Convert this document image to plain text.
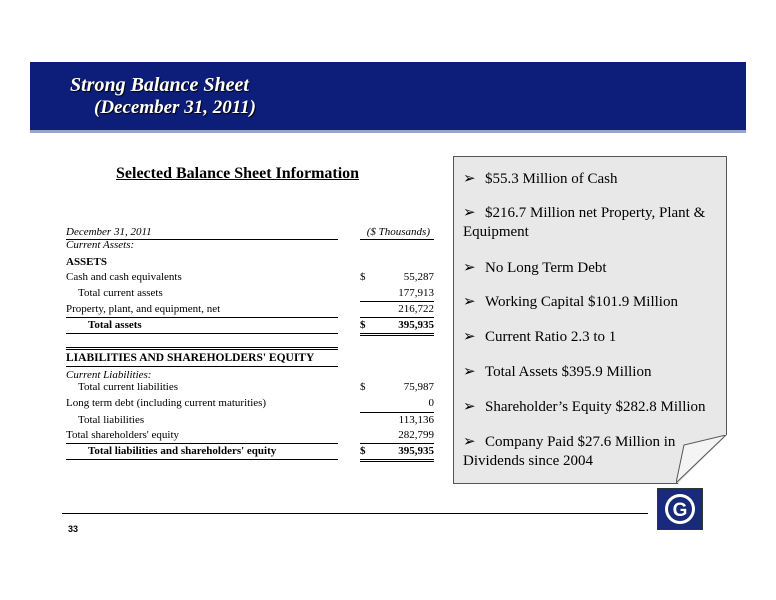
Strong Balance Sheet
(December 31, 2011)
Selected Balance Sheet Information
December 31, 2011	($ Thousands)
Current Assets:
ASSETS
Cash and cash equivalents	$	55,287
Total current assets	177,913
Property, plant, and equipment, net	216,722
Total assets	$	395,935
LIABILITIES AND SHAREHOLDERS' EQUITY
Current Liabilities:
Total current liabilities	$	75,987
Long term debt (including current maturities)	0
Total liabilities	113,136
Total shareholders' equity	282,799
Total liabilities and shareholders' equity	$	395,935
➢ $55.3 Million of Cash
➢ $216.7 Million net Property, Plant & Equipment
➢ No Long Term Debt
➢ Working Capital $101.9 Million
➢ Current Ratio 2.3 to 1
➢ Total Assets $395.9 Million
➢ Shareholder’s Equity $282.8 Million
➢ Company Paid $27.6 Million in Dividends since 2004
33
G
